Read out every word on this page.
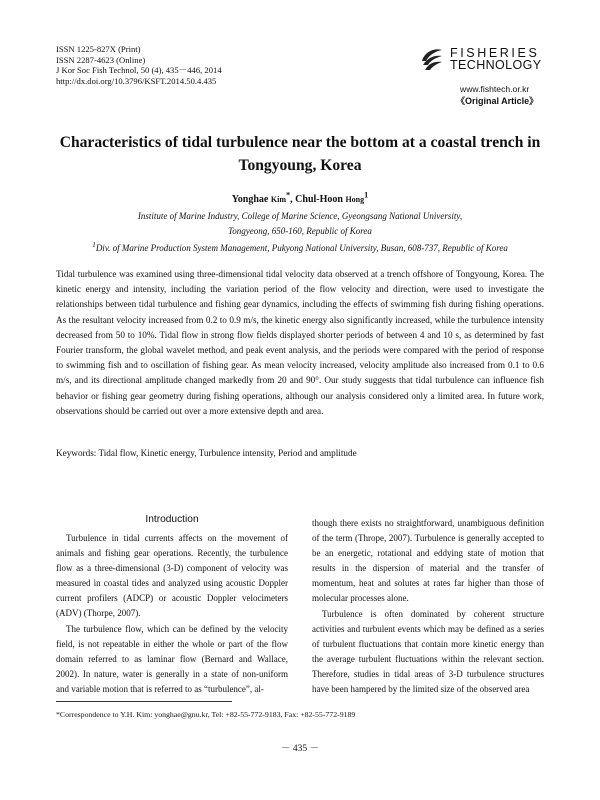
ISSN 1225-827X (Print)
ISSN 2287-4623 (Online)
J Kor Soc Fish Technol, 50 (4), 435－446, 2014
http://dx.doi.org/10.3796/KSFT.2014.50.4.435
FISHERIES
TECHNOLOGY
www.fishtech.or.kr
《Original Article》
Characteristics of tidal turbulence near the bottom at a coastal trench in
Tongyoung, Korea
Yonghae Kim*, Chul-Hoon Hong$^1$
Institute of Marine Industry, College of Marine Science, Gyeongsang National University,
Tongyeong, 650-160, Republic of Korea
$^1$Div. of Marine Production System Management, Pukyong National University, Busan, 608-737, Republic of Korea
Tidal turbulence was examined using three-dimensional tidal velocity data observed at a trench offshore of Tongyoung, Korea. The kinetic energy and intensity, including the variation period of the flow velocity and direction, were used to investigate the relationships between tidal turbulence and fishing gear dynamics, including the effects of swimming fish during fishing operations. As the resultant velocity increased from 0.2 to 0.9 m/s, the kinetic energy also significantly increased, while the turbulence intensity decreased from 50 to 10%. Tidal flow in strong flow fields displayed shorter periods of between 4 and 10 s, as determined by fast Fourier transform, the global wavelet method, and peak event analysis, and the periods were compared with the period of response to swimming fish and to oscillation of fishing gear. As mean velocity increased, velocity amplitude also increased from 0.1 to 0.6 m/s, and its directional amplitude changed markedly from 20 and 90°. Our study suggests that tidal turbulence can influence fish behavior or fishing gear geometry during fishing operations, although our analysis considered only a limited area. In future work, observations should be carried out over a more extensive depth and area.
Keywords: Tidal flow, Kinetic energy, Turbulence intensity, Period and amplitude
Introduction

Turbulence in tidal currents affects on the movement of animals and fishing gear operations. Recently, the turbulence flow as a three-dimensional (3-D) component of velocity was measured in coastal tides and analyzed using acoustic Doppler current profilers (ADCP) or acoustic Doppler velocimeters (ADV) (Thorpe, 2007).

The turbulence flow, which can be defined by the velocity field, is not repeatable in either the whole or part of the flow domain referred to as laminar flow (Bernard and Wallace, 2002). In nature, water is generally in a state of non-uniform and variable motion that is referred to as “turbulence”, al-

though there exists no straightforward, unambiguous definition of the term (Thrope, 2007). Turbulence is generally accepted to be an energetic, rotational and eddying state of motion that results in the dispersion of material and the transfer of momentum, heat and solutes at rates far higher than those of molecular processes alone.

Turbulence is often dominated by coherent structure activities and turbulent events which may be defined as a series of turbulent fluctuations that contain more kinetic energy than the average turbulent fluctuations within the relevant section. Therefore, studies in tidal areas of 3-D turbulence structures have been hampered by the limited size of the observed area

*Correspondence to Y.H. Kim: yonghae@gnu.kr, Tel: +82-55-772-9183, Fax: +82-55-772-9189
－ 435 －
